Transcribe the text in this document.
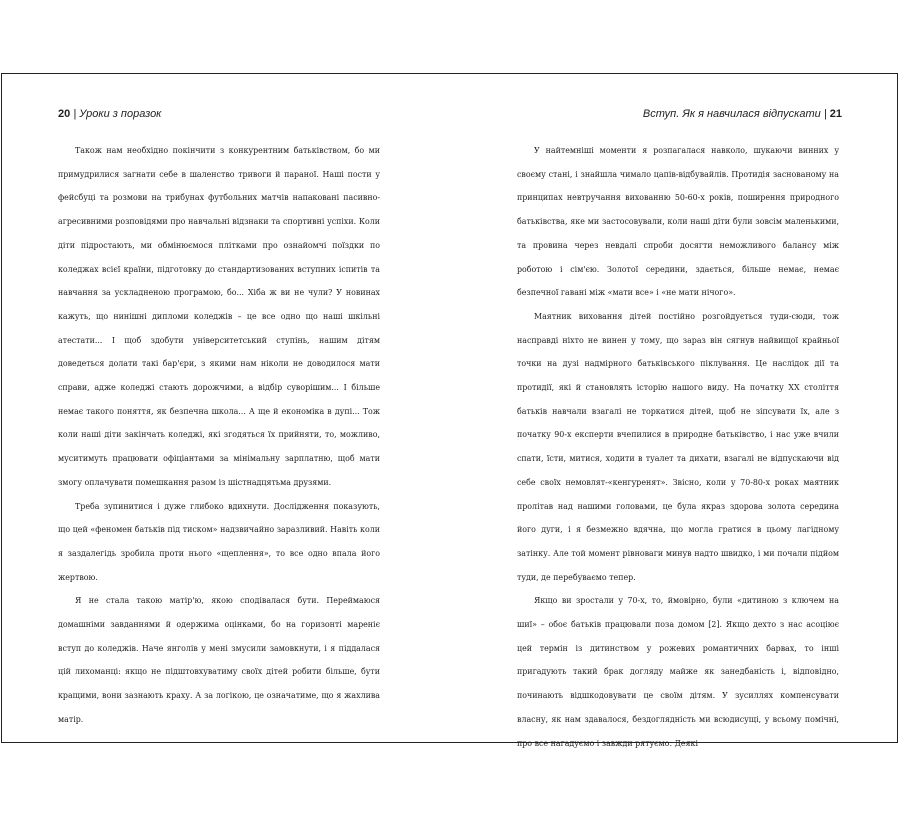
20 | Уроки з поразок	Вступ. Як я навчилася відпускати | 21

Також нам необхідно покінчити з конкурентним батьківством, бо ми примудрилися загнати себе в шаленство тривоги й параної. Наші пости у фейсбуці та розмови на трибунах футбольних матчів напаковані пасивно-агресивними розповідями про навчальні відзнаки та спортивні успіхи. Коли діти підростають, ми обмінюємося плітками про ознайомчі поїздки по коледжах всієї країни, підготовку до стандартизованих вступних іспитів та навчання за ускладненою програмою, бо... Хіба ж ви не чули? У новинах кажуть, що нинішні дипломи коледжів – це все одно що наші шкільні атестати... І щоб здобути університетський ступінь, нашим дітям доведеться долати такі бар'єри, з якими нам ніколи не доводилося мати справи, адже коледжі стають дорожчими, а відбір суворішим... І більше немає такого поняття, як безпечна школа... А ще й економіка в дупі... Тож коли наші діти закінчать коледжі, які згодяться їх прийняти, то, можливо, муситимуть працювати офіціантами за мінімальну зарплатню, щоб мати змогу оплачувати помешкання разом із шістнадцятьма друзями.

Треба зупинитися і дуже глибоко вдихнути. Дослідження показують, що цей «феномен батьків під тиском» надзвичайно заразливий. Навіть коли я заздалегідь зробила проти нього «щеплення», то все одно впала його жертвою.

Я не стала такою матір'ю, якою сподівалася бути. Переймаюся домашніми завданнями й одержима оцінками, бо на горизонті мареніє вступ до коледжів. Наче янголів у мені змусили замовкнути, і я піддалася цій лихоманці: якщо не підштовхуватиму своїх дітей робити більше, бути кращими, вони зазнають краху. А за логікою, це означатиме, що я жахлива матір.

У найтемніші моменти я розпагалася навколо, шукаючи винних у своєму стані, і знайшла чимало цапів-відбувайлів. Протидія заснованому на принципах невтручання вихованню 50-60-х років, поширення природного батьківства, яке ми застосовували, коли наші діти були зовсім маленькими, та провина через невдалі спроби досягти неможливого балансу між роботою і сім'єю. Золотої середини, здається, більше немає, немає безпечної гавані між «мати все» і «не мати нічого».

Маятник виховання дітей постійно розгойдується туди-сюди, тож насправді ніхто не винен у тому, що зараз він сягнув найвищої крайньої точки на дузі надмірного батьківського піклування. Це наслідок дії та протидії, які й становлять історію нашого виду. На початку XX століття батьків навчали взагалі не торкатися дітей, щоб не зіпсувати їх, але з початку 90-х експерти вчепилися в природне батьківство, і нас уже вчили спати, їсти, митися, ходити в туалет та дихати, взагалі не відпускаючи від себе своїх немовлят-«кенгуренят». Звісно, коли у 70-80-х роках маятник пролітав над нашими головами, це була якраз здорова золота середина його дуги, і я безмежно вдячна, що могла гратися в цьому лагідному затінку. Але той момент рівноваги минув надто швидко, і ми почали підйом туди, де перебуваємо тепер.

Якщо ви зростали у 70-х, то, ймовірно, були «дитиною з ключем на шиї» – обоє батьків працювали поза домом [2]. Якщо дехто з нас асоціює цей термін із дитинством у рожевих романтичних барвах, то інші пригадують такий брак догляду майже як занедбаність і, відповідно, починають відшкодовувати це своїм дітям. У зусиллях компенсувати власну, як нам здавалося, бездоглядність ми всюдисущі, у всьому помічні, про все нагадуємо і завжди рятуємо. Деякі
